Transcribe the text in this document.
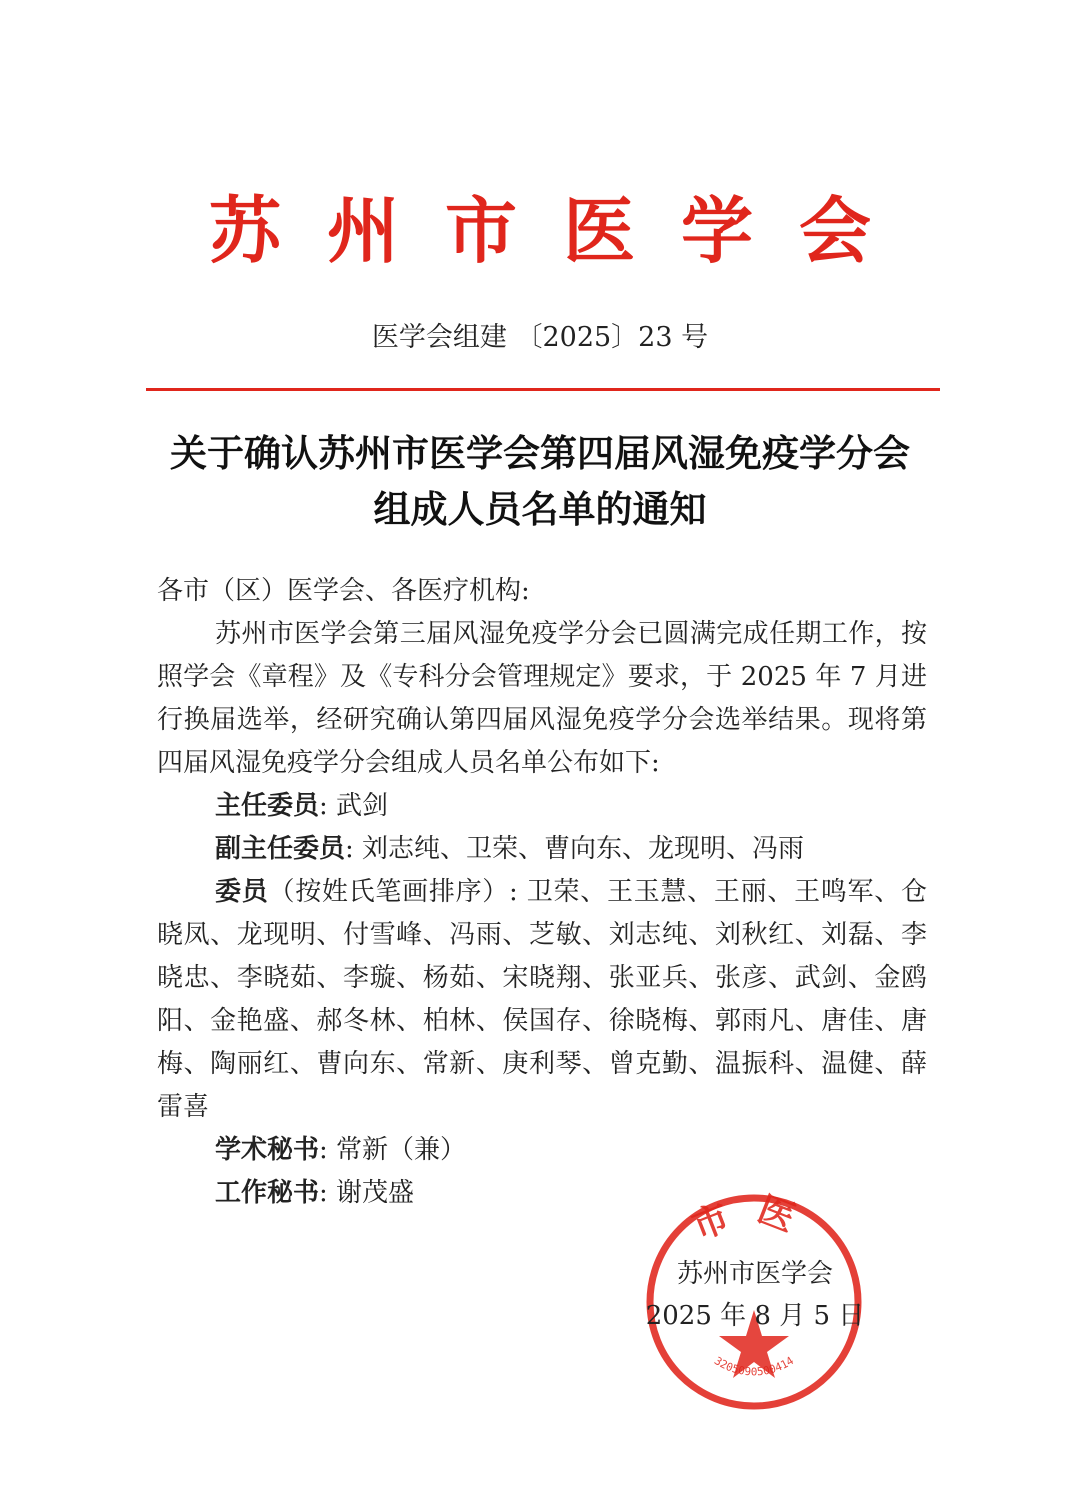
苏州市医学会
医学会组建 〔2025〕23 号
关于确认苏州市医学会第四届风湿免疫学分会
组成人员名单的通知

各市（区）医学会、各医疗机构:

苏州市医学会第三届风湿免疫学分会已圆满完成任期工作，按照学会《章程》及《专科分会管理规定》要求，于 2025 年 7 月进行换届选举，经研究确认第四届风湿免疫学分会选举结果。现将第四届风湿免疫学分会组成人员名单公布如下:

主任委员: 武剑

副主任委员: 刘志纯、卫荣、曹向东、龙现明、冯雨

委员（按姓氏笔画排序）: 卫荣、王玉慧、王丽、王鸣军、仓晓凤、龙现明、付雪峰、冯雨、芝敏、刘志纯、刘秋红、刘磊、李晓忠、李晓茹、李璇、杨茹、宋晓翔、张亚兵、张彦、武剑、金鸥阳、金艳盛、郝冬林、柏林、侯国存、徐晓梅、郭雨凡、唐佳、唐梅、陶丽红、曹向东、常新、庚利琴、曾克勤、温振科、温健、薛雷喜

学术秘书: 常新（兼）

工作秘书: 谢茂盛	市医
3205090500414
苏州市医学会
2025 年 8 月 5 日
